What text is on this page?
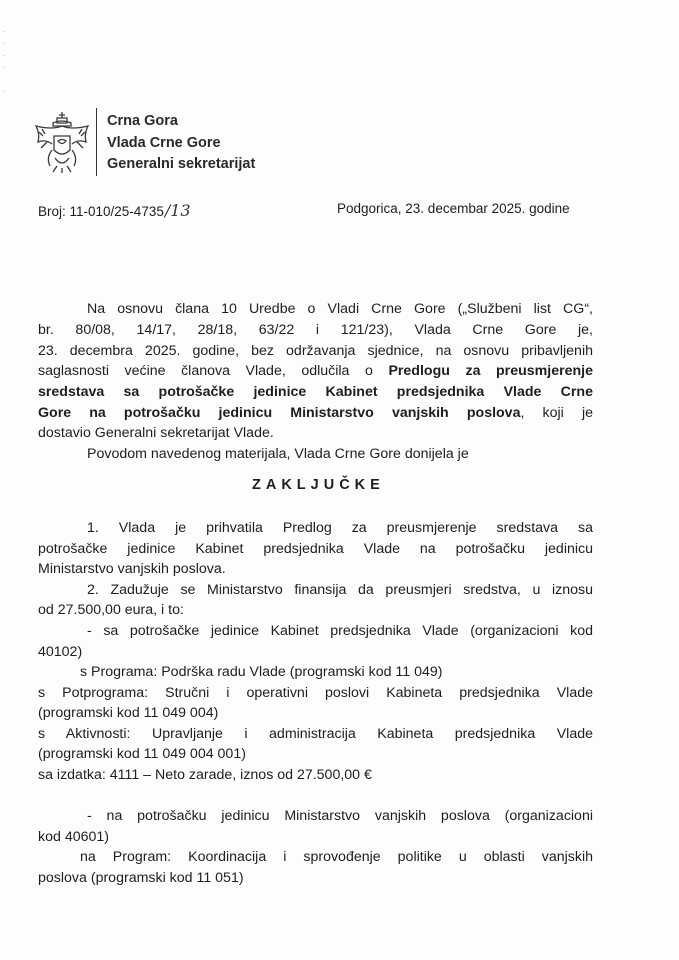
·
·
·
·

·
Crna Gora
Vlada Crne Gore
Generalni sekretarijat
Broj: 11-010/25-4735/13	Podgorica, 23. decembar 2025. godine
Na osnovu člana 10 Uredbe o Vladi Crne Gore („Službeni list CG“,
br. 80/08, 14/17, 28/18, 63/22 i 121/23), Vlada Crne Gore je,
23. decembra 2025. godine, bez održavanja sjednice, na osnovu pribavljenih
saglasnosti većine članova Vlade, odlučila o Predlogu za preusmjerenje
sredstava sa potrošačke jedinice Kabinet predsjednika Vlade Crne
Gore na potrošačku jedinicu Ministarstvo vanjskih poslova, koji je
dostavio Generalni sekretarijat Vlade.
Povodom navedenog materijala, Vlada Crne Gore donijela je
ZAKLJUČKE
1. Vlada je prihvatila Predlog za preusmjerenje sredstava sa
potrošačke jedinice Kabinet predsjednika Vlade na potrošačku jedinicu
Ministarstvo vanjskih poslova.
2. Zadužuje se Ministarstvo finansija da preusmjeri sredstva, u iznosu
od 27.500,00 eura, i to:
- sa potrošačke jedinice Kabinet predsjednika Vlade (organizacioni kod
40102)
s Programa: Podrška radu Vlade (programski kod 11 049)
s Potprograma: Stručni i operativni poslovi Kabineta predsjednika Vlade
(programski kod 11 049 004)
s Aktivnosti: Upravljanje i administracija Kabineta predsjednika Vlade
(programski kod 11 049 004 001)
sa izdatka: 4111 – Neto zarade, iznos od 27.500,00 €
- na potrošačku jedinicu Ministarstvo vanjskih poslova (organizacioni
kod 40601)
na Program: Koordinacija i sprovođenje politike u oblasti vanjskih
poslova (programski kod 11 051)
